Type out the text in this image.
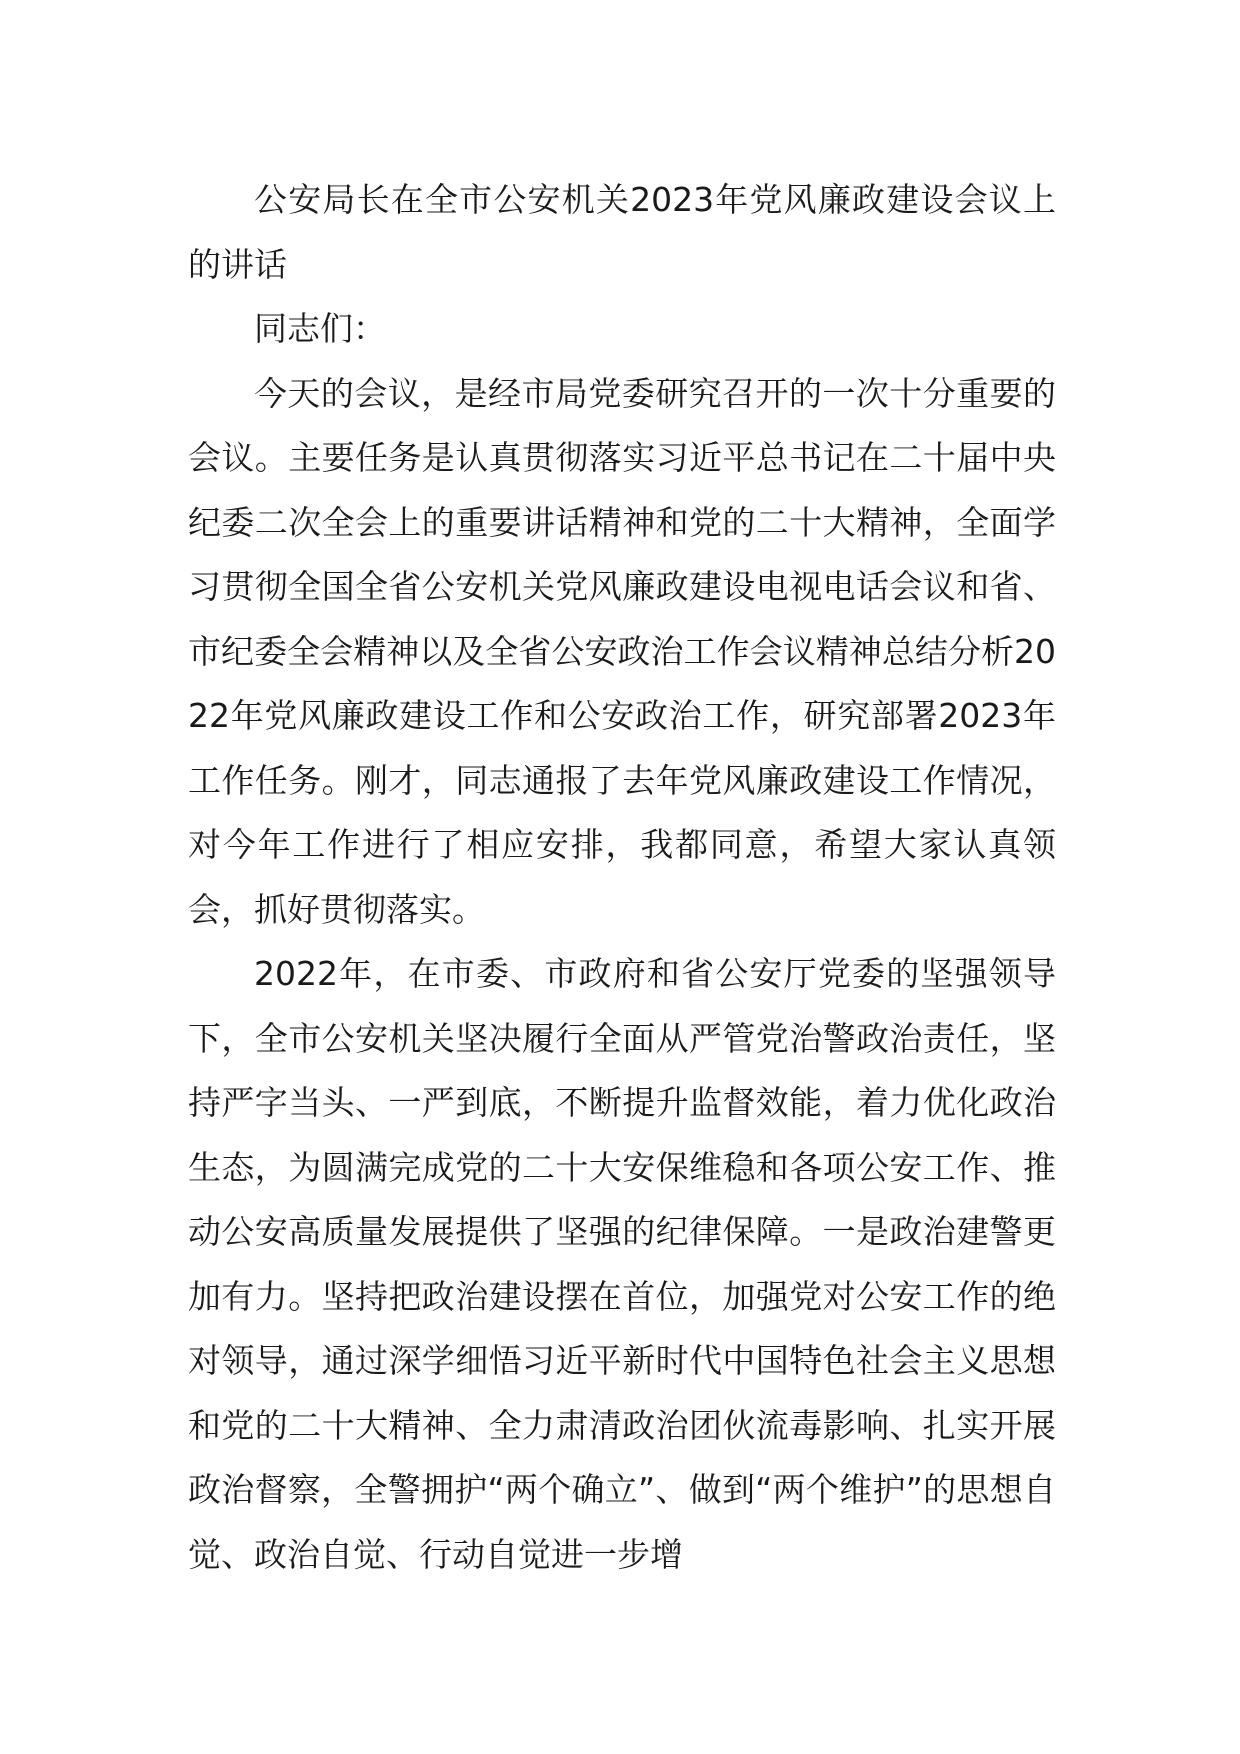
公安局长在全市公安机关2023年党风廉政建设会议上的讲话

同志们：

今天的会议，是经市局党委研究召开的一次十分重要的会议。主要任务是认真贯彻落实习近平总书记在二十届中央纪委二次全会上的重要讲话精神和党的二十大精神，全面学习贯彻全国全省公安机关党风廉政建设电视电话会议和省、市纪委全会精神以及全省公安政治工作会议精神总结分析2022年党风廉政建设工作和公安政治工作，研究部署2023年工作任务。刚才，同志通报了去年党风廉政建设工作情况，对今年工作进行了相应安排，我都同意，希望大家认真领会，抓好贯彻落实。

2022年，在市委、市政府和省公安厅党委的坚强领导下，全市公安机关坚决履行全面从严管党治警政治责任，坚持严字当头、一严到底，不断提升监督效能，着力优化政治生态，为圆满完成党的二十大安保维稳和各项公安工作、推动公安高质量发展提供了坚强的纪律保障。一是政治建警更加有力。坚持把政治建设摆在首位，加强党对公安工作的绝对领导，通过深学细悟习近平新时代中国特色社会主义思想和党的二十大精神、全力肃清政治团伙流毒影响、扎实开展政治督察，全警拥护“两个确立”、做到“两个维护”的思想自觉、政治自觉、行动自觉进一步增
